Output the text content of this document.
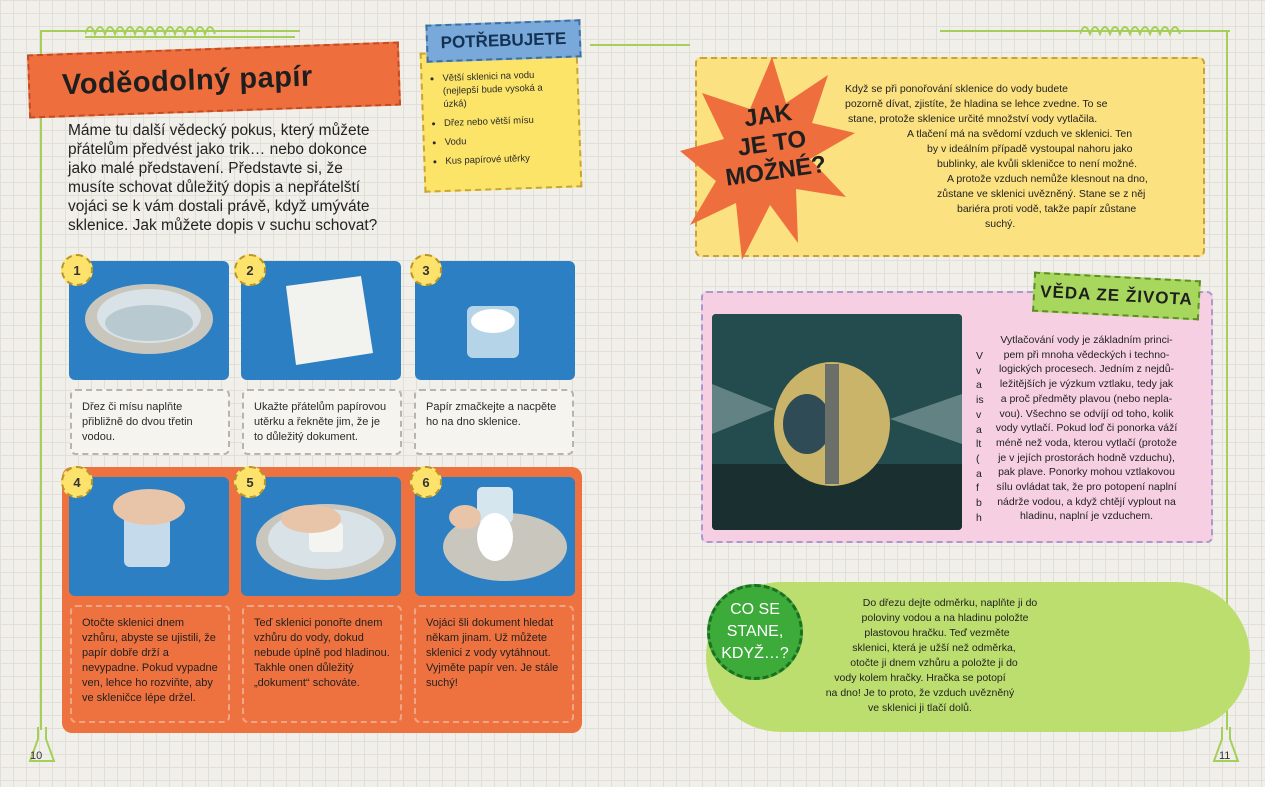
Voděodolný papír
Máme tu další vědecký pokus, který můžete přátelům předvést jako trik… nebo dokonce jako malé představení. Představte si, že musíte schovat důležitý dopis a nepřátelští vojáci se k vám dostali právě, když umýváte sklenice. Jak můžete dopis v suchu schovat?
• Větší sklenici na vodu (nejlepší bude vysoká a úzká)
• Dřez nebo větší mísu
• Vodu
• Kus papírové utěrky
POTŘEBUJETE
1
Dřez či mísu naplňte přibližně do dvou třetin vodou.
2
Ukažte přátelům papírovou utěrku a řekněte jim, že je to důležitý dokument.
3
Papír zmačkejte a nacpěte ho na dno sklenice.
4
Otočte sklenici dnem vzhůru, abyste se ujistili, že papír dobře drží a nevypadne. Pokud vypadne ven, lehce ho rozviňte, aby ve skleničce lépe držel.
5
Teď sklenici ponořte dnem vzhůru do vody, dokud nebude úplně pod hladinou. Takhle onen důležitý „dokument“ schováte.
6
Vojáci šli dokument hledat někam jinam. Už můžete sklenici z vody vytáhnout. Vyjměte papír ven. Je stále suchý!
JAK
JE TO
MOŽNÉ?
Když se při ponořování sklenice do vody budete
pozorně dívat, zjistíte, že hladina se lehce zvedne. To se
stane, protože sklenice určité množství vody vytlačila.
A tlačení má na svědomí vzduch ve sklenici. Ten
by v ideálním případě vystoupal nahoru jako
bublinky, ale kvůli skleničce to není možné.
A protože vzduch nemůže klesnout na dno,
zůstane ve sklenici uvězněný. Stane se z něj
bariéra proti vodě, takže papír zůstane
suchý.
VĚDA ZE ŽIVOTA
V
v
a
is
v
a
lt
(
a
f
b
h
Vytlačování vody je základním princi-
pem při mnoha vědeckých i techno-
logických procesech. Jedním z nejdů-
ležitějších je výzkum vztlaku, tedy jak
a proč předměty plavou (nebo nepla-
vou). Všechno se odvíjí od toho, kolik
vody vytlačí. Pokud loď či ponorka váží
méně než voda, kterou vytlačí (protože
je v jejích prostorách hodně vzduchu),
pak plave. Ponorky mohou vztlakovou
sílu ovládat tak, že pro potopení naplní
nádrže vodou, a když chtějí vyplout na
hladinu, naplní je vzduchem.
CO SE STANE, KDYŽ…?
Do dřezu dejte odměrku, naplňte ji do
poloviny vodou a na hladinu položte
plastovou hračku. Teď vezměte
sklenici, která je užší než odměrka,
otočte ji dnem vzhůru a položte ji do
vody kolem hračky. Hračka se potopí
na dno! Je to proto, že vzduch uvězněný
ve sklenici ji tlačí dolů.
10	11
